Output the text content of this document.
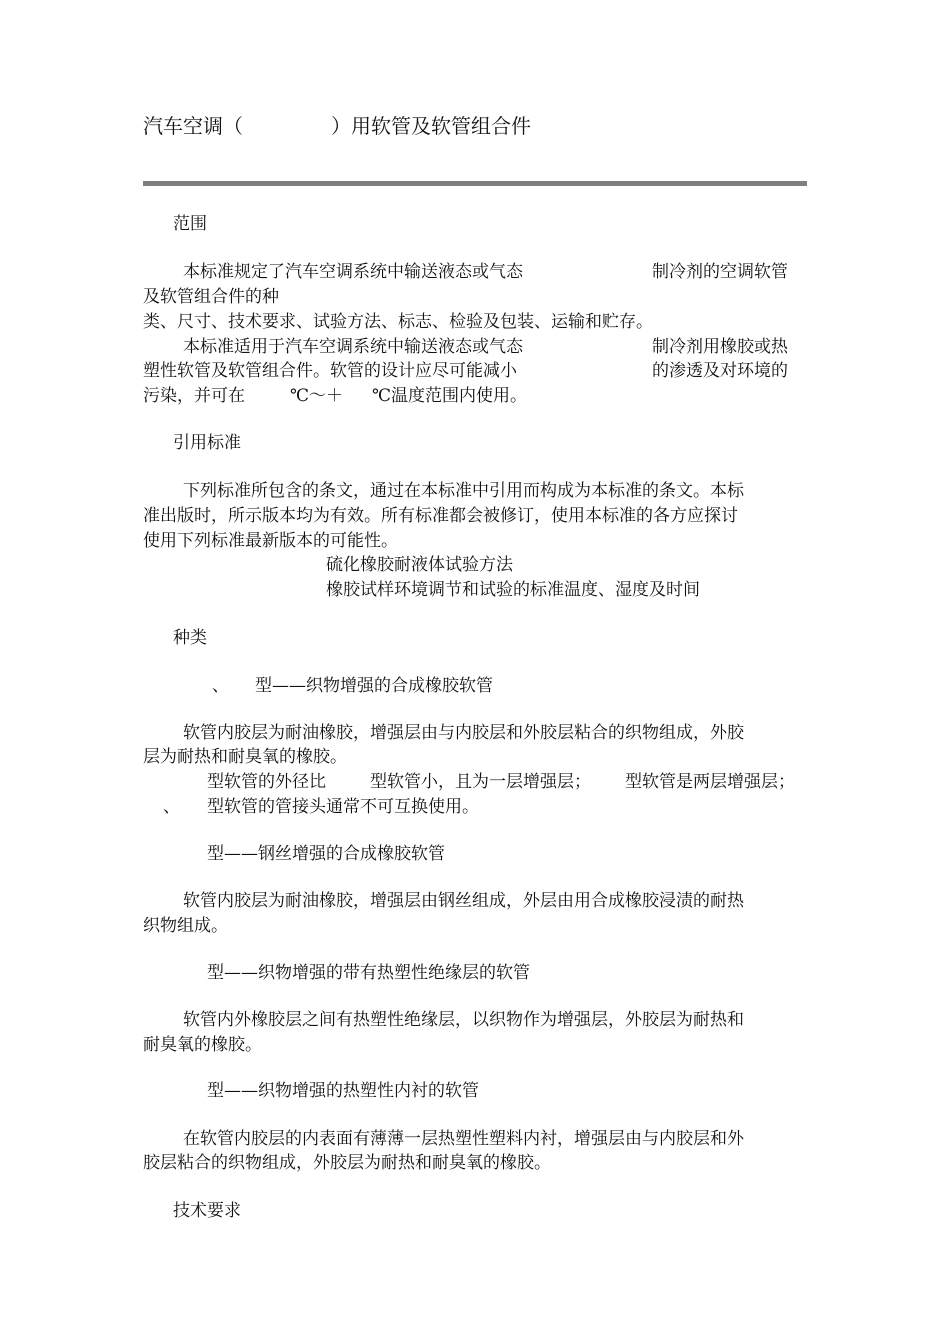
汽车空调（	）用软管及软管组合件
范围
本标准规定了汽车空调系统中输送液态或气态	制冷剂的空调软管
及软管组合件的种
类、尺寸、技术要求、试验方法、标志、检验及包装、运输和贮存。
本标准适用于汽车空调系统中输送液态或气态	制冷剂用橡胶或热
塑性软管及软管组合件。软管的设计应尽可能减小	的渗透及对环境的
污染，并可在	℃～＋ ℃温度范围内使用。
引用标准
下列标准所包含的条文，通过在本标准中引用而构成为本标准的条文。本标
准出版时，所示版本均为有效。所有标准都会被修订，使用本标准的各方应探讨
使用下列标准最新版本的可能性。
硫化橡胶耐液体试验方法
橡胶试样环境调节和试验的标准温度、湿度及时间
种类
、 型——织物增强的合成橡胶软管
软管内胶层为耐油橡胶，增强层由与内胶层和外胶层粘合的织物组成，外胶
层为耐热和耐臭氧的橡胶。
型软管的外径比	型软管小，且为一层增强层； 型软管是两层增强层；
、 型软管的管接头通常不可互换使用。
型——钢丝增强的合成橡胶软管
软管内胶层为耐油橡胶，增强层由钢丝组成，外层由用合成橡胶浸渍的耐热
织物组成。
型——织物增强的带有热塑性绝缘层的软管
软管内外橡胶层之间有热塑性绝缘层，以织物作为增强层，外胶层为耐热和
耐臭氧的橡胶。
型——织物增强的热塑性内衬的软管
在软管内胶层的内表面有薄薄一层热塑性塑料内衬，增强层由与内胶层和外
胶层粘合的织物组成，外胶层为耐热和耐臭氧的橡胶。
技术要求
